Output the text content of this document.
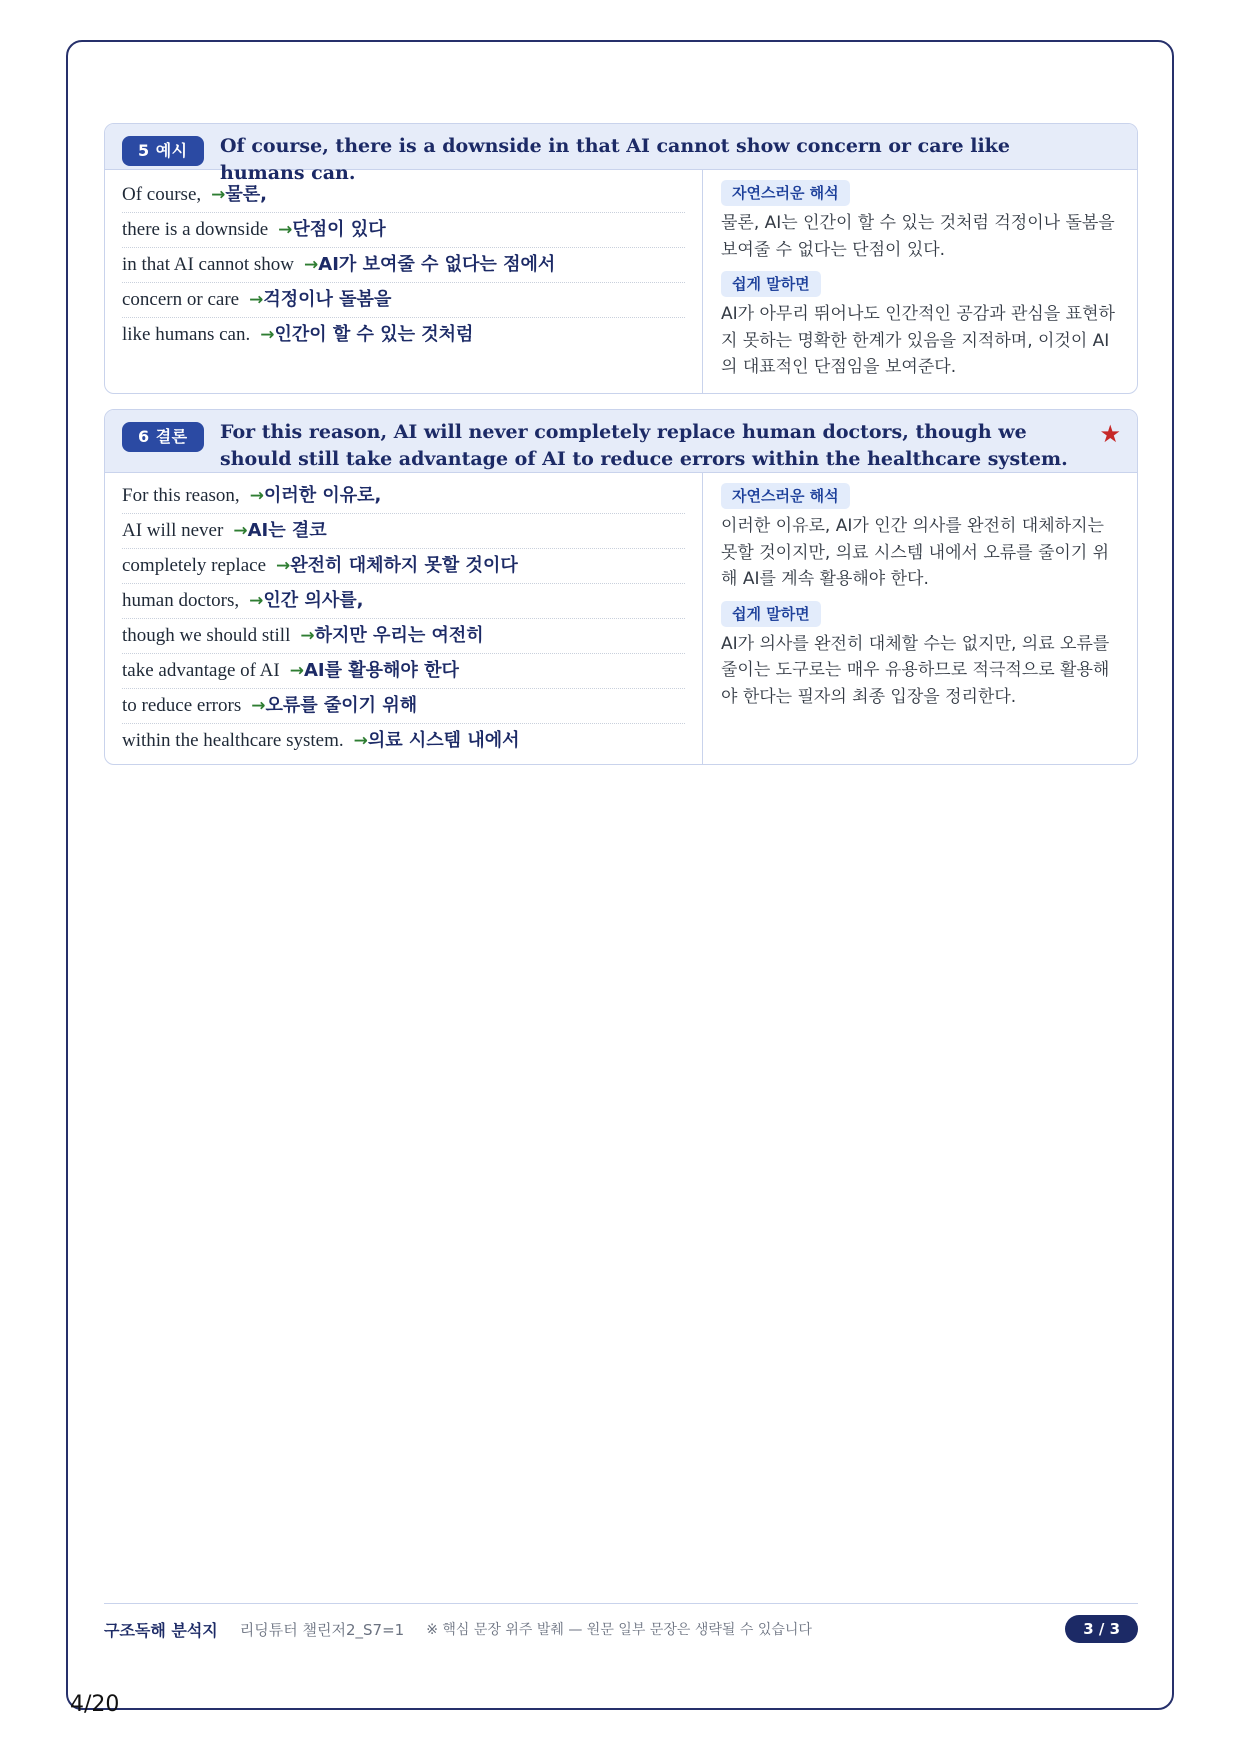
5 예시	Of course, there is a downside in that AI cannot show concern or care like humans can.
Of course, → 물론,
there is a downside → 단점이 있다
in that AI cannot show → AI가 보여줄 수 없다는 점에서
concern or care → 걱정이나 돌봄을
like humans can. → 인간이 할 수 있는 것처럼
자연스러운 해석

물론, AI는 인간이 할 수 있는 것처럼 걱정이나 돌봄을 보여줄 수 없다는 단점이 있다.

쉽게 말하면

AI가 아무리 뛰어나도 인간적인 공감과 관심을 표현하지 못하는 명확한 한계가 있음을 지적하며, 이것이 AI의 대표적인 단점임을 보여준다.

6 결론	For this reason, AI will never completely replace human doctors, though we should still take advantage of AI to reduce errors within the healthcare system.
★
For this reason, → 이러한 이유로,
AI will never → AI는 결코
completely replace → 완전히 대체하지 못할 것이다
human doctors, → 인간 의사를,
though we should still → 하지만 우리는 여전히
take advantage of AI → AI를 활용해야 한다
to reduce errors → 오류를 줄이기 위해
within the healthcare system. → 의료 시스템 내에서
자연스러운 해석

이러한 이유로, AI가 인간 의사를 완전히 대체하지는 못할 것이지만, 의료 시스템 내에서 오류를 줄이기 위해 AI를 계속 활용해야 한다.

쉽게 말하면

AI가 의사를 완전히 대체할 수는 없지만, 의료 오류를 줄이는 도구로는 매우 유용하므로 적극적으로 활용해야 한다는 필자의 최종 입장을 정리한다.

구조독해 분석지 리딩튜터 챌린저2_S7=1 ※ 핵심 문장 위주 발췌 — 원문 일부 문장은 생략될 수 있습니다	3 / 3
4/20
